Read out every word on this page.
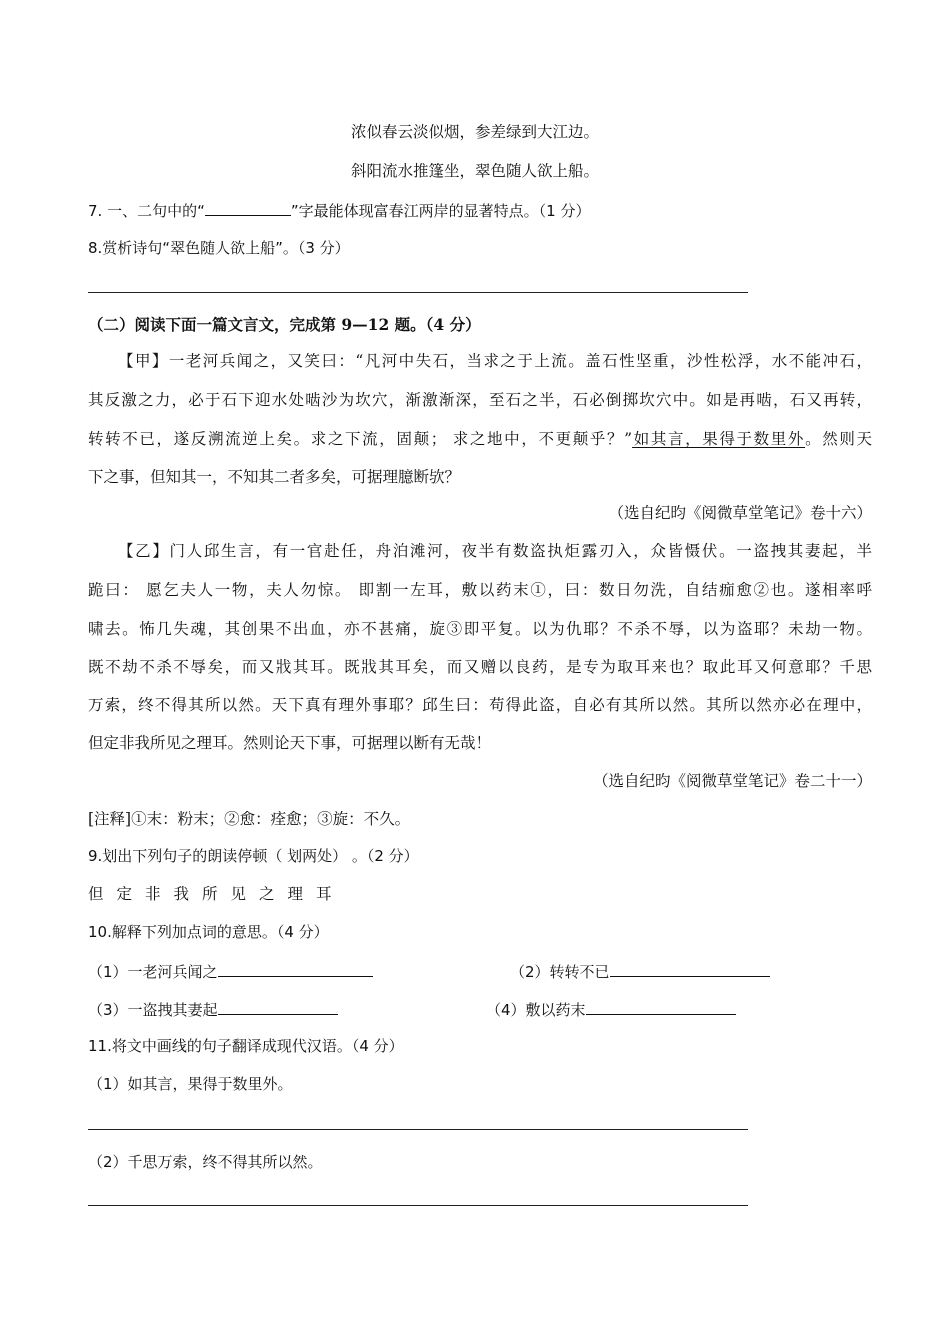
浓似春云淡似烟，参差绿到大江边。
斜阳流水推篷坐，翠色随人欲上船。
7. 一、二句中的“	”字最能体现富春江两岸的显著特点。（1 分）
8.赏析诗句“翠色随人欲上船”。（3 分）
（二）阅读下面一篇文言文，完成第 9—12 题。（4 分）
【甲】一老河兵闻之，又笑曰：“凡河中失石，当求之于上流。盖石性坚重，沙性松浮，水不能冲石，
其反激之力，必于石下迎水处啮沙为坎穴，渐激渐深，至石之半，石必倒掷坎穴中。如是再啮，石又再转，
转转不已，遂反溯流逆上矣。求之下流，固颠； 求之地中，不更颠乎？”如其言，果得于数里外。然则天
下之事，但知其一，不知其二者多矣，可据理臆断欤？
（选自纪昀《阅微草堂笔记》卷十六）
【乙】门人邱生言，有一官赴任，舟泊滩河，夜半有数盗执炬露刃入，众皆慑伏。一盗拽其妻起，半
跪曰： 愿乞夫人一物，夫人勿惊。 即割一左耳，敷以药末①，曰：数日勿洗，自结痂愈②也。遂相率呼
啸去。怖几失魂，其创果不出血，亦不甚痛，旋③即平复。以为仇耶？不杀不辱，以为盗耶？未劫一物。
既不劫不杀不辱矣，而又戕其耳。既戕其耳矣，而又赠以良药，是专为取耳来也？取此耳又何意耶？千思
万索，终不得其所以然。天下真有理外事耶？邱生曰：苟得此盗，自必有其所以然。其所以然亦必在理中，
但定非我所见之理耳。然则论天下事，可据理以断有无哉！
（选自纪昀《阅微草堂笔记》卷二十一）
[注释]①末：粉末；②愈：痊愈；③旋：不久。
9.划出下列句子的朗读停顿（ 划两处） 。（2 分）
但定非我所见之理耳
10.解释下列加点词的意思。（4 分）
（1）一老河兵闻之	（2）转转不已
（3）一盗拽其妻起	（4）敷以药末
11.将文中画线的句子翻译成现代汉语。（4 分）
（1）如其言，果得于数里外。
（2）千思万索，终不得其所以然。
